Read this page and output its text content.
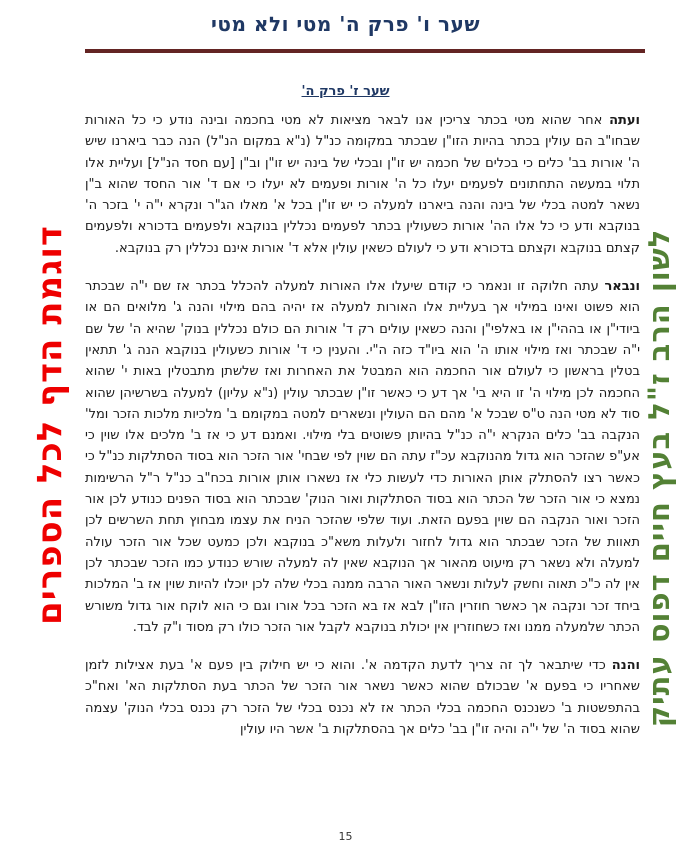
שער ו' פרק ה' מטי ולא מטי
שער ז' פרק ה'

ועתה אחר שהוא מטי בכתר צריכין אנו לבאר מציאות לא מטי בחכמה ובינה נודע כי כל האורות שבחו"ב הם עולין בכתר בהיות הזו"ן שבכתר במקומה כנ"ל (נ"א במקום הנ"ל) הנה כבר ביארנו שיש ה' אורות בב' כלים כי בכלים של חכמה יש זו"ן ובכלי של בינה יש זו"ן וב"ן [עם חסד הנ"ל] ועליית אלו תלוי במעשה התחתונים לפעמים יעלו כל ה' אורות ופעמים לא יעלו כי אם ד' אור החסד שהוא ב"ן נשאר למטה בכלי של בינה והנה ביארנו למעלה כי יש זו"ן בכל א' מאלו הג"ר ונקרא י"ה י' בזכר ה' בנוקבא ודע כי כל אלו הה' אורות כשעולין בכתר לפעמים נכללין בנוקבא ולפעמים בדכורא ולפעמים קצתם בנוקבא וקצתם בדכורא ודע כי לעולם כשאין עולין אלא ד' אורות אינם נכללין רק בנוקבא.

ונבאר עתה חלוקה זו ונאמר כי קודם שיעלו אלו האורות למעלה להכלל בכתר אז שם י"ה שבכתר הוא פשוט ואינו במילוי אך בעליית אלו האורות למעלה אז יהיה בהם מילוי והנה ג' מלואים הם או ביודי"ן או בההי"ן או באלפי"ן והנה כשאין עולים רק ד' אורות הם כולם נכללין בנוק' שהיא ה' של שם י"ה שבכתר ואז מילוי אותו ה' הוא ביו"ד כזה ה"י. והענין כי ד' אורות כשעולין בנוקבא הנה ג' תתאין בטלין בראשון כי לעולם אור החכמה הוא המבטל את האחרות ואז שלשתן מתבטלין באות י' שהוא החכמה לכן מילוי ה' זו היא בי' אך דע כי כאשר זו"ן שבכתר עולין (נ"א עליון) למעלה בשרשיהן שהוא סוד לא מטי הנה ט"ס שבכל א' מהם הם העולין ונשארים למטה במקומם ב' מלכיות מלכות הזכר ומל' הנקבה בב' כלים הנקרא י"ה כנ"ל בהיותן פשוטים בלי מילוי. ואמנם דע כי אז ב' מלכים אלו שוין כי אע"פ שהזכר הוא גדול מהנוקבא עכ"ז עתה הם שוין לפי שבחי' אור הזכר הוא בסוד הסתלקות כנ"ל כי כאשר רצו להסתלק אותן האורות כדי לעשות כלי אז נשארו אותן אורות בכח"ב כנ"ל ר"ל הרשימות נמצא כי אור הזכר של הכתר הוא בסוד הסתלקות ואור הנוק' שבכתר הוא בסוד הפנים כנודע לכן אור הזכר ואור הנקבה הם שוין בפעם הזאת. ועוד שלפי שהזכר הניח את עצמו מבחוץ תחת השרשים לכן תאוות של הזכר שבכתר הוא גדול לחזור ולעלות משא"כ בנוקבא ולכן כמעט שכל אור הזכר עולה למעלה ולא נשאר רק מיעוט מהאור אך הנוקבא שאין לה למעלה שורש כנודע כמו הזכר שבכתר לכן אין לה כ"כ תאוה וחשק לעלות ונשאר האור הרבה ממנה בכלי שלה לכן יוכלו להיות שוין אז ב' המלכות ביחד זכר ונקבה אך כאשר חוזרין הזו"ן לבא אז בא הזכר בכל אורו וגם כי הוא לוקח אור גדול משורש הכתר שלמעלה ממנו ואז כשחוזרין אין יכולת בנוקבא לקבל אור הזכר כולו רק מסוד ו"ק לבד.

והנה כדי שיתבאר לך זה צריך לדעת הקדמה א'. והוא כי יש חילוק בין פעם א' בעת אצילות לזמן שאחריו כי בפעם א' שבכולם שהוא כאשר נשאר אור הזכר של הכתר בעת הסתלקות הא' ואח"כ בהתפשטות ב' כשנכנס החכמה בכלי הכתר אז לא נכנס בכלי של הזכר רק נכנס בכלי הנוק' עצמה שהוא בסוד ה' של י"ה והיה זו"ן בב' כלים אך בהסתלקות ב' אשר היו עולין

דוגמת הדף לכל הספרים	לשון הרב ז"ל בעץ חיים דפוס עתיק
15
